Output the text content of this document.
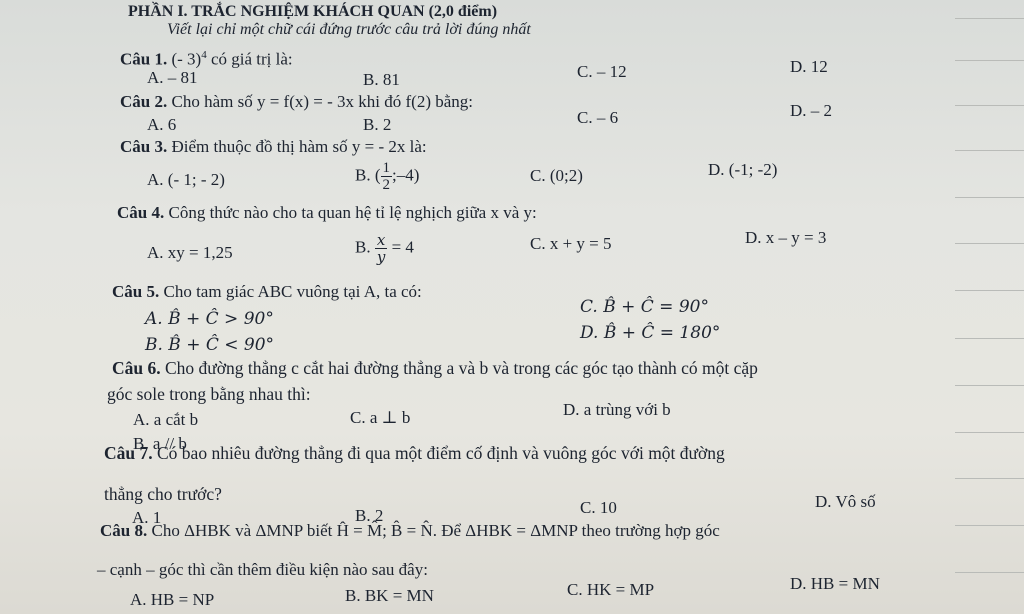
PHẦN I. TRẮC NGHIỆM KHÁCH QUAN (2,0 điểm)
Viết lại chỉ một chữ cái đứng trước câu trả lời đúng nhất
Câu 1. (- 3)$^4$ có giá trị là:
A. – 81	B. 81	C. – 12	D. 12
Câu 2. Cho hàm số y = f(x) = - 3x khi đó f(2) bằng:
A. 6	B. 2	C. – 6	D. – 2
Câu 3. Điểm thuộc đồ thị hàm số y = - 2x là:
A. (- 1; - 2)	B. ( $\frac{1}{2}$ ;–4)	C. (0;2)	D. (-1; -2)
Câu 4. Công thức nào cho ta quan hệ tỉ lệ nghịch giữa x và y:
A. xy = 1,25	B. $\frac{x}{y} = 4$	C. x + y = 5	D. x – y = 3
Câu 5. Cho tam giác ABC vuông tại A, ta có:
A. B̂ + Ĉ > 90°
B. B̂ + Ĉ < 90°
C. B̂ + Ĉ = 90°
D. B̂ + Ĉ = 180°
Câu 6. Cho đường thẳng c cắt hai đường thẳng a và b và trong các góc tạo thành có một cặp
góc sole trong bằng nhau thì:
A. a cắt b
B. a // b
C. a ⊥ b	D. a trùng với b
Câu 7. Có bao nhiêu đường thẳng đi qua một điểm cố định và vuông góc với một đường
thẳng cho trước?
A. 1	B. 2	C. 10	D. Vô số
Câu 8. Cho ΔHBK và ΔMNP biết Ĥ = M̂; B̂ = N̂. Để ΔHBK = ΔMNP theo trường hợp góc
– cạnh – góc thì cần thêm điều kiện nào sau đây:
A. HB = NP	B. BK = MN	C. HK = MP	D. HB = MN
